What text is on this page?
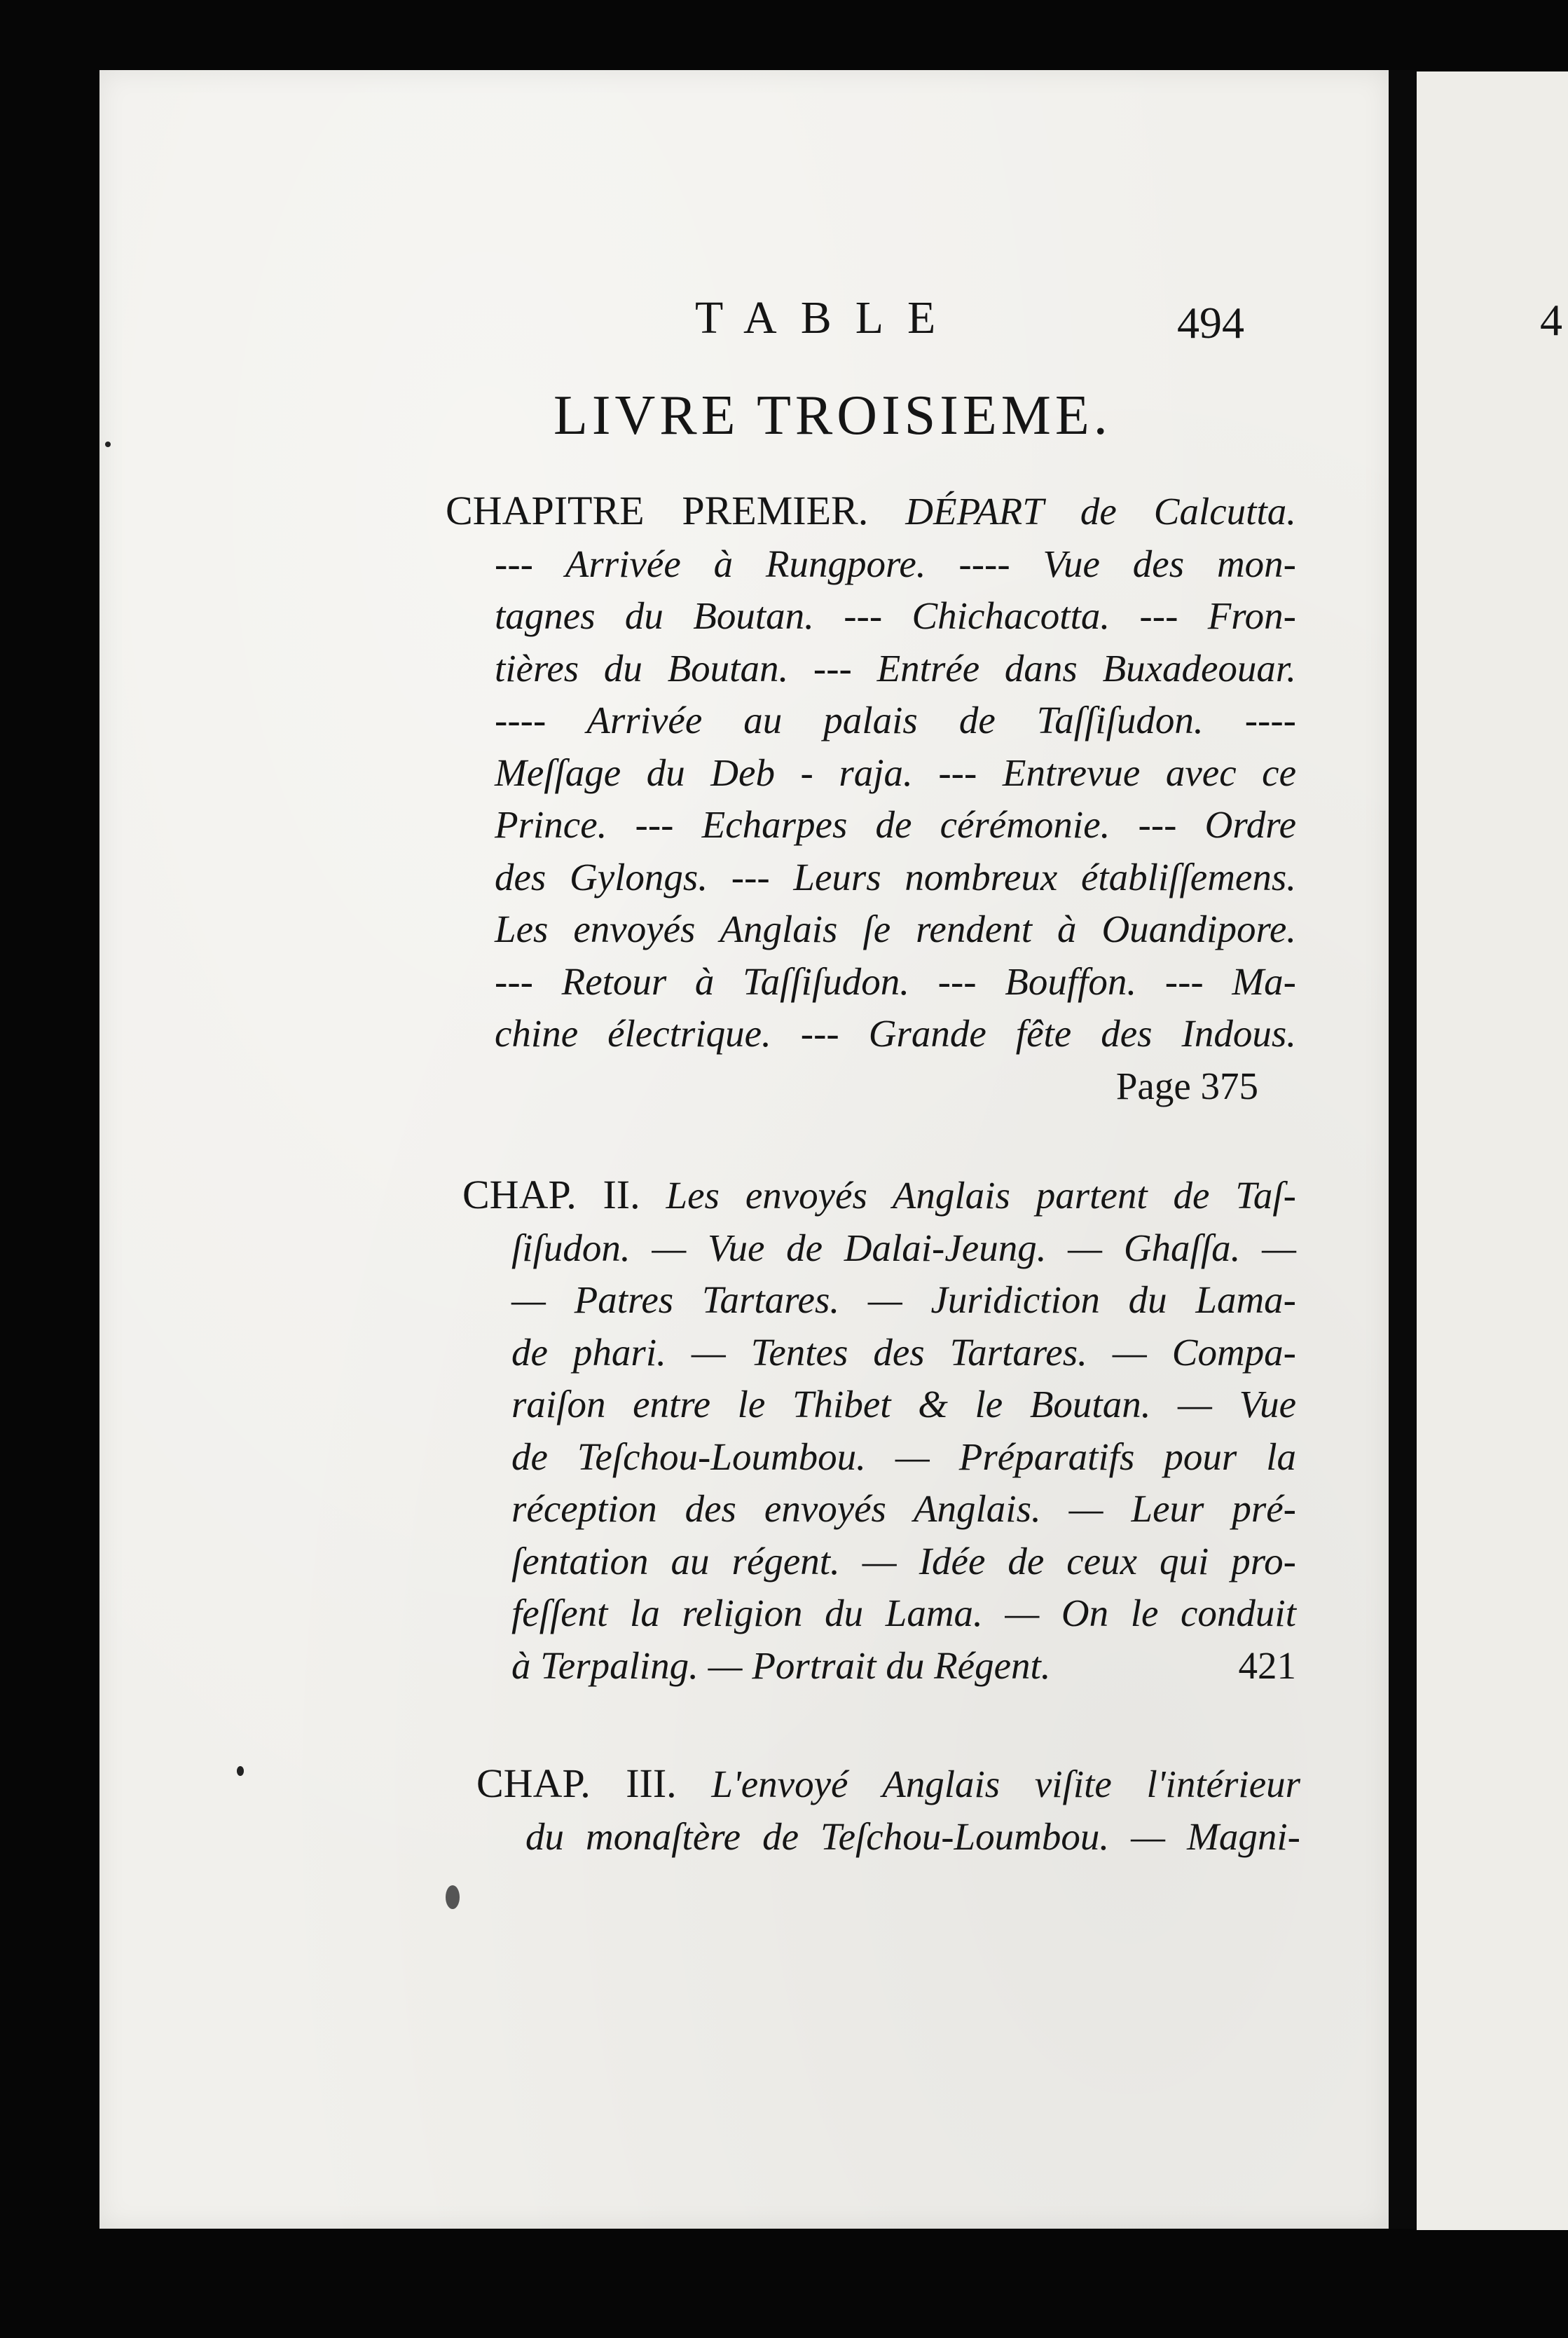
4
TABLE	494
LIVRE TROISIEME.
CHAPITRE PREMIER. DÉPART de Calcutta.
--- Arrivée à Rungpore. ---- Vue des mon-
tagnes du Boutan. --- Chichacotta. --- Fron-
tières du Boutan. --- Entrée dans Buxadeouar.
---- Arrivée au palais de Taſſiſudon. ----
Meſſage du Deb - raja. --- Entrevue avec ce
Prince. --- Echarpes de cérémonie. --- Ordre
des Gylongs. --- Leurs nombreux établiſſemens.
Les envoyés Anglais ſe rendent à Ouandipore.
--- Retour à Taſſiſudon. --- Bouffon. --- Ma-
chine électrique. --- Grande fête des Indous.
Page 375
CHAP. II. Les envoyés Anglais partent de Taſ-
ſiſudon. — Vue de Dalai-Jeung. — Ghaſſa. —
— Patres Tartares. — Juridiction du Lama-
de phari. — Tentes des Tartares. — Compa-
raiſon entre le Thibet & le Boutan. — Vue
de Teſchou-Loumbou. — Préparatifs pour la
réception des envoyés Anglais. — Leur pré-
ſentation au régent. — Idée de ceux qui pro-
feſſent la religion du Lama. — On le conduit
à Terpaling. — Portrait du Régent.	421
CHAP. III. L'envoyé Anglais viſite l'intérieur
du monaſtère de Teſchou-Loumbou. — Magni-
